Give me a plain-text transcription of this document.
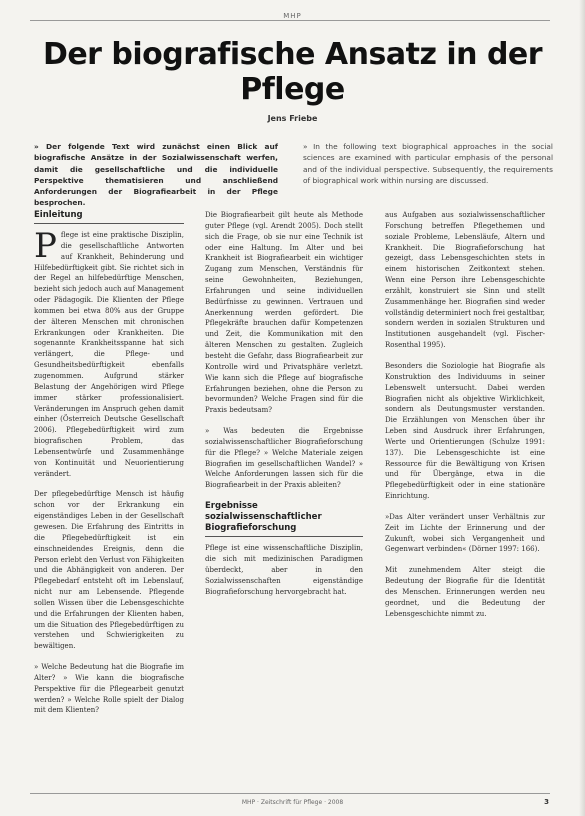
MHP
Der biografische Ansatz in der Pflege
Jens Friebe
» Der folgende Text wird zunächst einen Blick auf biografische Ansätze in der Sozialwissenschaft werfen, damit die gesellschaftliche und die individuelle Perspektive thematisieren und anschließend Anforderungen der Biografiearbeit in der Pflege besprochen.
» In the following text biographical approaches in the social sciences are examined with particular emphasis of the personal and of the individual perspective. Subsequently, the requirements of biographical work within nursing are discussed.
Einleitung

Pflege ist eine praktische Disziplin, die gesellschaftliche Antworten auf Krankheit, Behinderung und Hilfebedürftigkeit gibt. Sie richtet sich in der Regel an hilfebedürftige Menschen, bezieht sich jedoch auch auf Management oder Pädagogik. Die Klienten der Pflege kommen bei etwa 80% aus der Gruppe der älteren Menschen mit chronischen Erkrankungen oder Krankheiten. Die sogenannte Krankheitsspanne hat sich verlängert, die Pflege- und Gesundheitsbedürftigkeit ebenfalls zugenommen. Aufgrund stärker Belastung der Angehörigen wird Pflege immer stärker professionalisiert. Veränderungen im Anspruch gehen damit einher (Österreich Deutsche Gesellschaft 2006). Pflegebedürftigkeit wird zum biografischen Problem, das Lebensentwürfe und Zusammenhänge von Kontinuität und Neuorientierung verändert.

Der pflegebedürftige Mensch ist häufig schon vor der Erkrankung ein eigenständiges Leben in der Gesellschaft gewesen. Die Erfahrung des Eintritts in die Pflegebedürftigkeit ist ein einschneidendes Ereignis, denn die Person erlebt den Verlust von Fähigkeiten und die Abhängigkeit von anderen. Der Pflegebedarf entsteht oft im Lebenslauf, nicht nur am Lebensende. Pflegende sollen Wissen über die Lebensgeschichte und die Erfahrungen der Klienten haben, um die Situation des Pflegebedürftigen zu verstehen und Schwierigkeiten zu bewältigen.

» Welche Bedeutung hat die Biografie im Alter? » Wie kann die biografische Perspektive für die Pflegearbeit genutzt werden? » Welche Rolle spielt der Dialog mit dem Klienten?

Die Biografiearbeit gilt heute als Methode guter Pflege (vgl. Arendt 2005). Doch stellt sich die Frage, ob sie nur eine Technik ist oder eine Haltung. Im Alter und bei Krankheit ist Biografiearbeit ein wichtiger Zugang zum Menschen, Verständnis für seine Gewohnheiten, Beziehungen, Erfahrungen und seine individuellen Bedürfnisse zu gewinnen. Vertrauen und Anerkennung werden gefördert. Die Pflegekräfte brauchen dafür Kompetenzen und Zeit, die Kommunikation mit den älteren Menschen zu gestalten. Zugleich besteht die Gefahr, dass Biografiearbeit zur Kontrolle wird und Privatsphäre verletzt. Wie kann sich die Pflege auf biografische Erfahrungen beziehen, ohne die Person zu bevormunden? Welche Fragen sind für die Praxis bedeutsam?

» Was bedeuten die Ergebnisse sozialwissenschaftlicher Biografieforschung für die Pflege? » Welche Materiale zeigen Biografien im gesellschaftlichen Wandel? » Welche Anforderungen lassen sich für die Biografiearbeit in der Praxis ableiten?

Ergebnisse sozialwissenschaftlicher Biografieforschung

Pflege ist eine wissenschaftliche Disziplin, die sich mit medizinischen Paradigmen überdeckt, aber in den Sozialwissenschaften eigenständige Biografieforschung hervorgebracht hat.

aus Aufgaben aus sozialwissenschaftlicher Forschung betreffen Pflegethemen und soziale Probleme, Lebensläufe, Altern und Krankheit. Die Biografieforschung hat gezeigt, dass Lebensgeschichten stets in einem historischen Zeitkontext stehen. Wenn eine Person ihre Lebensgeschichte erzählt, konstruiert sie Sinn und stellt Zusammenhänge her. Biografien sind weder vollständig determiniert noch frei gestaltbar, sondern werden in sozialen Strukturen und Institutionen ausgehandelt (vgl. Fischer-Rosenthal 1995).

Besonders die Soziologie hat Biografie als Konstruktion des Individuums in seiner Lebenswelt untersucht. Dabei werden Biografien nicht als objektive Wirklichkeit, sondern als Deutungsmuster verstanden. Die Erzählungen von Menschen über ihr Leben sind Ausdruck ihrer Erfahrungen, Werte und Orientierungen (Schulze 1991: 137). Die Lebensgeschichte ist eine Ressource für die Bewältigung von Krisen und für Übergänge, etwa in die Pflegebedürftigkeit oder in eine stationäre Einrichtung.

»Das Alter verändert unser Verhältnis zur Zeit im Lichte der Erinnerung und der Zukunft, wobei sich Vergangenheit und Gegenwart verbinden« (Dörner 1997: 166).

Mit zunehmendem Alter steigt die Bedeutung der Biografie für die Identität des Menschen. Erinnerungen werden neu geordnet, und die Bedeutung der Lebensgeschichte nimmt zu.

MHP · Zeitschrift für Pflege · 2008	3
